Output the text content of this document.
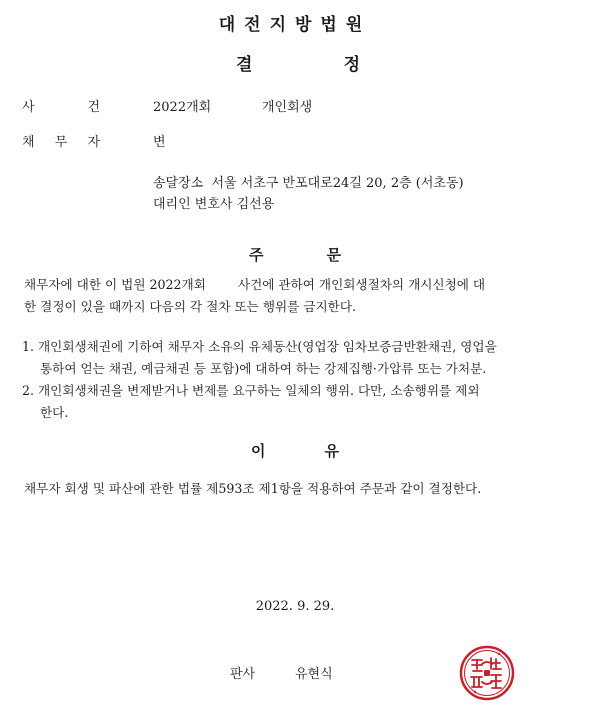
대전지방법원
결	정
사	건	2022개회	개인회생
채 무 자	변
송달장소  서울 서초구 반포대로24길 20, 2층 (서초동)
대리인 변호사 김선용
주	문
채무자에 대한 이 법원 2022개회        사건에 관하여 개인회생절차의 개시신청에 대
한 결정이 있을 때까지 다음의 각 절차 또는 행위를 금지한다.
1. 개인회생채권에 기하여 채무자 소유의 유체동산(영업장 임차보증금반환채권, 영업을
통하여 얻는 채권, 예금채권 등 포함)에 대하여 하는 강제집행·가압류 또는 가처분.
2. 개인회생채권을 변제받거나 변제를 요구하는 일체의 행위. 다만, 소송행위를 제외
한다.
이	유
채무자 회생 및 파산에 관한 법률 제593조 제1항을 적용하여 주문과 같이 결정한다.
2022. 9. 29.
판사	유현식
